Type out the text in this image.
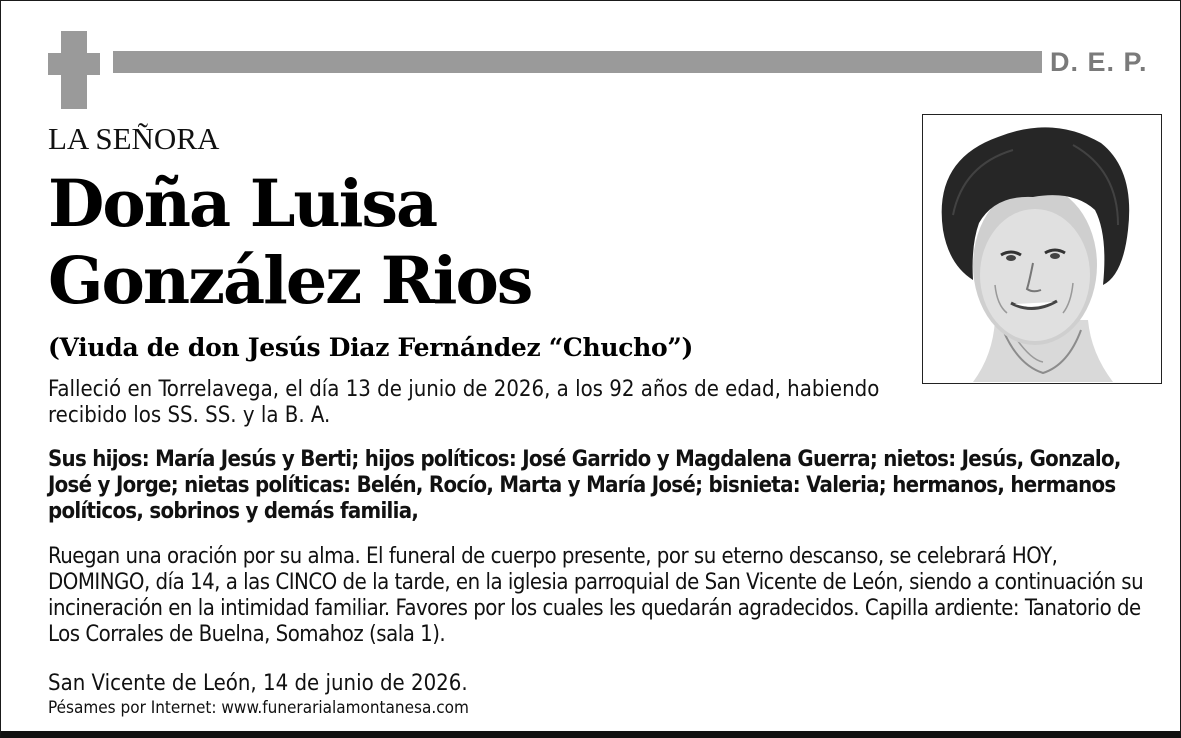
D. E. P.
LA SEÑORA
Doña Luisa
González Rios
(Viuda de don Jesús Diaz Fernández “Chucho”)
Falleció en Torrelavega, el día 13 de junio de 2026, a los 92 años de edad, habiendo recibido los SS. SS. y la B. A.
Sus hijos: María Jesús y Berti; hijos políticos: José Garrido y Magdalena Guerra; nietos: Jesús, Gonzalo, José y Jorge; nietas políticas: Belén, Rocío, Marta y María José; bisnieta: Valeria; hermanos, hermanos políticos, sobrinos y demás familia,
Ruegan una oración por su alma. El funeral de cuerpo presente, por su eterno descanso, se celebrará HOY, DOMINGO, día 14, a las CINCO de la tarde, en la iglesia parroquial de San Vicente de León, siendo a continuación su incineración en la intimidad familiar. Favores por los cuales les quedarán agradecidos. Capilla ardiente: Tanatorio de Los Corrales de Buelna, Somahoz (sala 1).
San Vicente de León, 14 de junio de 2026.
Pésames por Internet: www.funerarialamontanesa.com
